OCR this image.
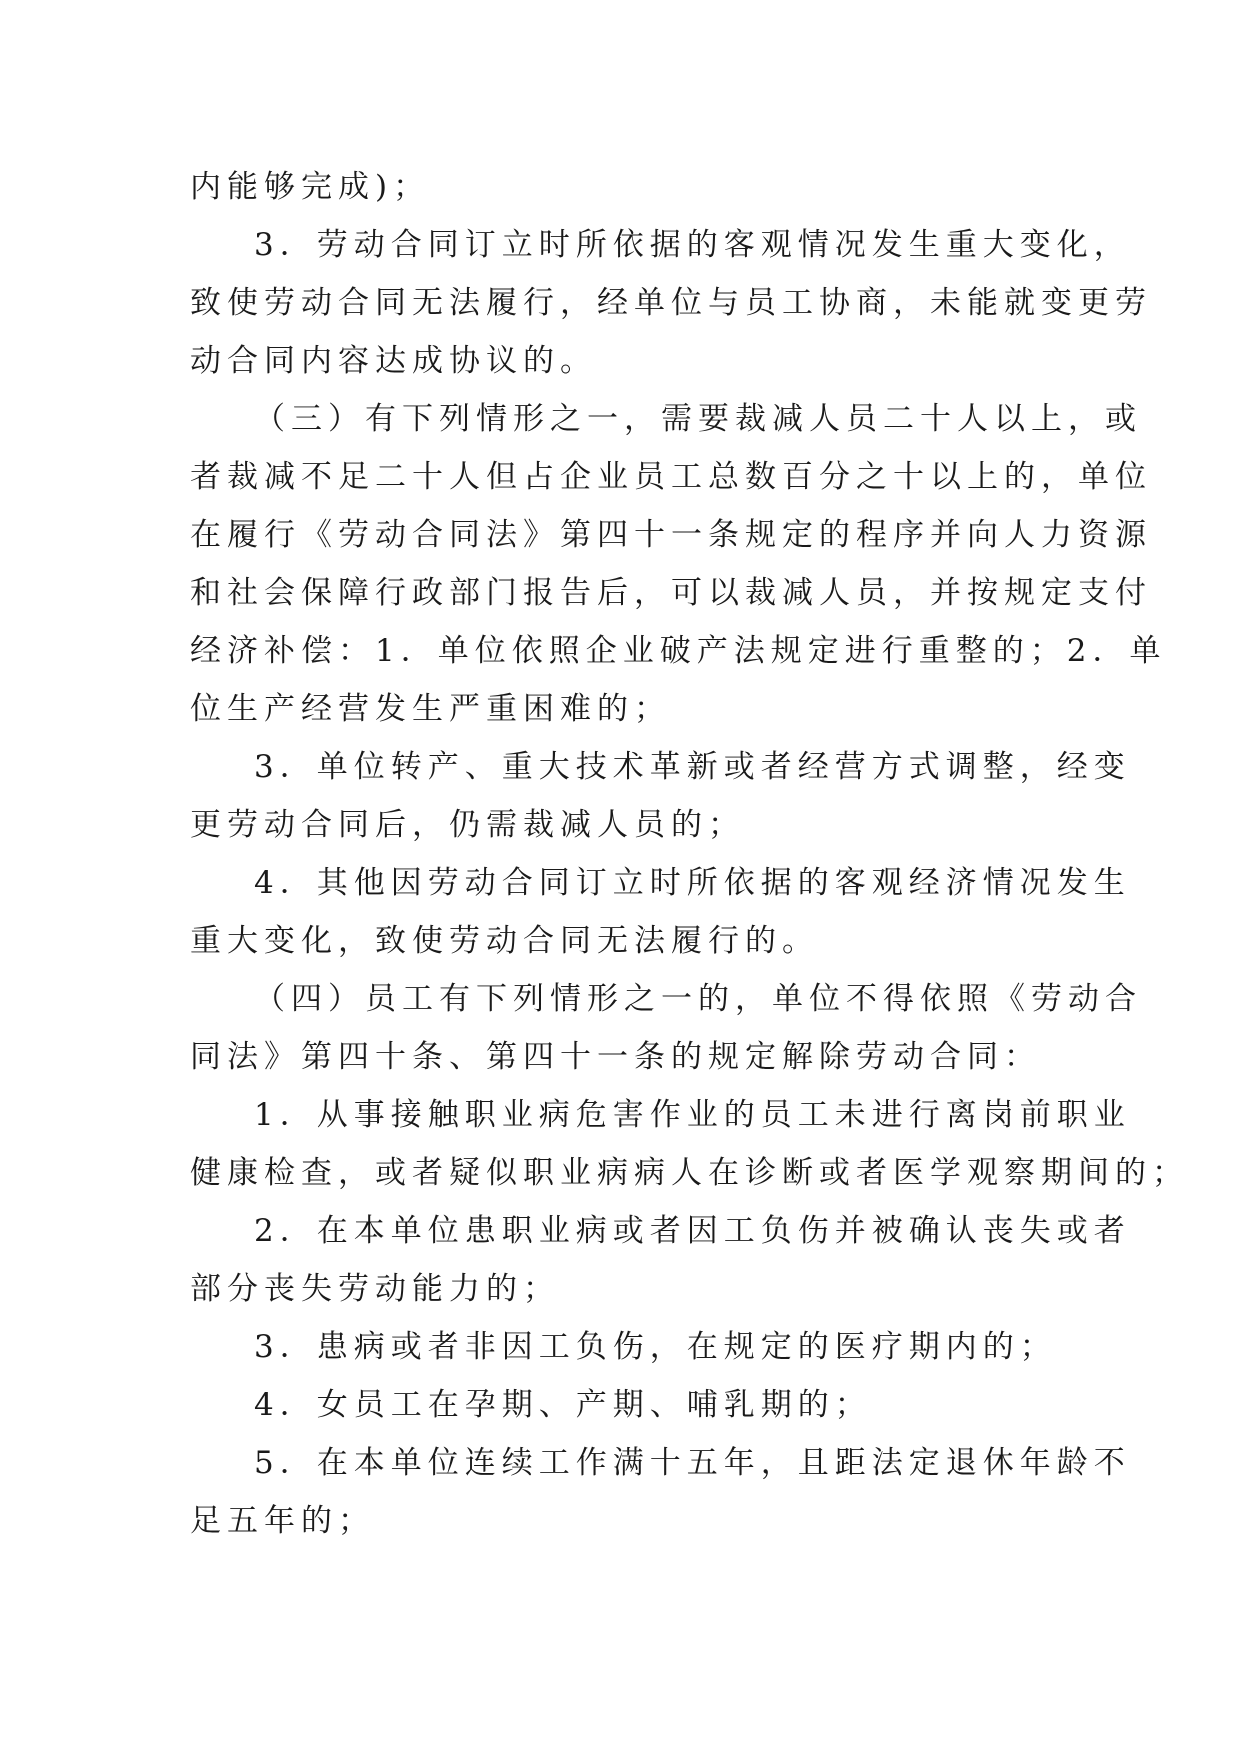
内能够完成)；
3．劳动合同订立时所依据的客观情况发生重大变化，
致使劳动合同无法履行，经单位与员工协商，未能就变更劳
动合同内容达成协议的。
（三）有下列情形之一，需要裁减人员二十人以上，或
者裁减不足二十人但占企业员工总数百分之十以上的，单位
在履行《劳动合同法》第四十一条规定的程序并向人力资源
和社会保障行政部门报告后，可以裁减人员，并按规定支付
经济补偿：1．单位依照企业破产法规定进行重整的；2．单
位生产经营发生严重困难的；
3．单位转产、重大技术革新或者经营方式调整，经变
更劳动合同后，仍需裁减人员的；
4．其他因劳动合同订立时所依据的客观经济情况发生
重大变化，致使劳动合同无法履行的。
（四）员工有下列情形之一的，单位不得依照《劳动合
同法》第四十条、第四十一条的规定解除劳动合同：
1．从事接触职业病危害作业的员工未进行离岗前职业
健康检查，或者疑似职业病病人在诊断或者医学观察期间的；
2．在本单位患职业病或者因工负伤并被确认丧失或者
部分丧失劳动能力的；
3．患病或者非因工负伤，在规定的医疗期内的；
4．女员工在孕期、产期、哺乳期的；
5．在本单位连续工作满十五年，且距法定退休年龄不
足五年的；
